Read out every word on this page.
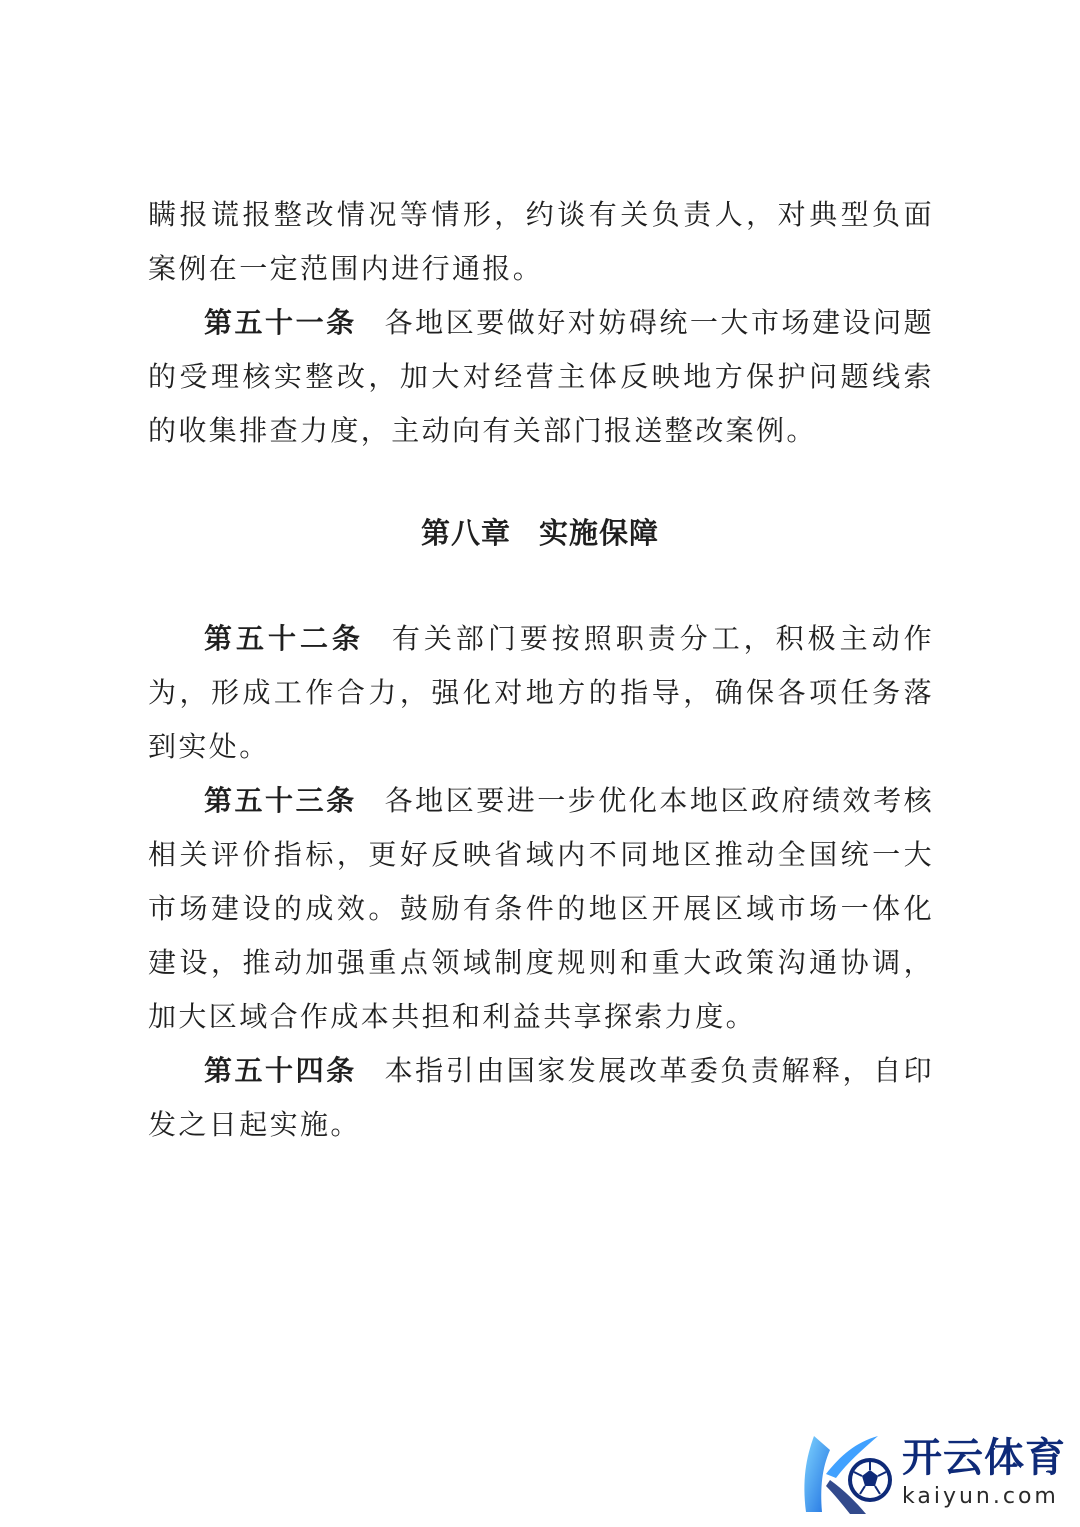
瞒报谎报整改情况等情形，约谈有关负责人，对典型负面案例在一定范围内进行通报。

第五十一条 各地区要做好对妨碍统一大市场建设问题的受理核实整改，加大对经营主体反映地方保护问题线索的收集排查力度，主动向有关部门报送整改案例。

第八章 实施保障

第五十二条 有关部门要按照职责分工，积极主动作为，形成工作合力，强化对地方的指导，确保各项任务落到实处。

第五十三条 各地区要进一步优化本地区政府绩效考核相关评价指标，更好反映省域内不同地区推动全国统一大市场建设的成效。鼓励有条件的地区开展区域市场一体化建设，推动加强重点领域制度规则和重大政策沟通协调，加大区域合作成本共担和利益共享探索力度。

第五十四条 本指引由国家发展改革委负责解释，自印发之日起实施。

开云体育
kaiyun.com
